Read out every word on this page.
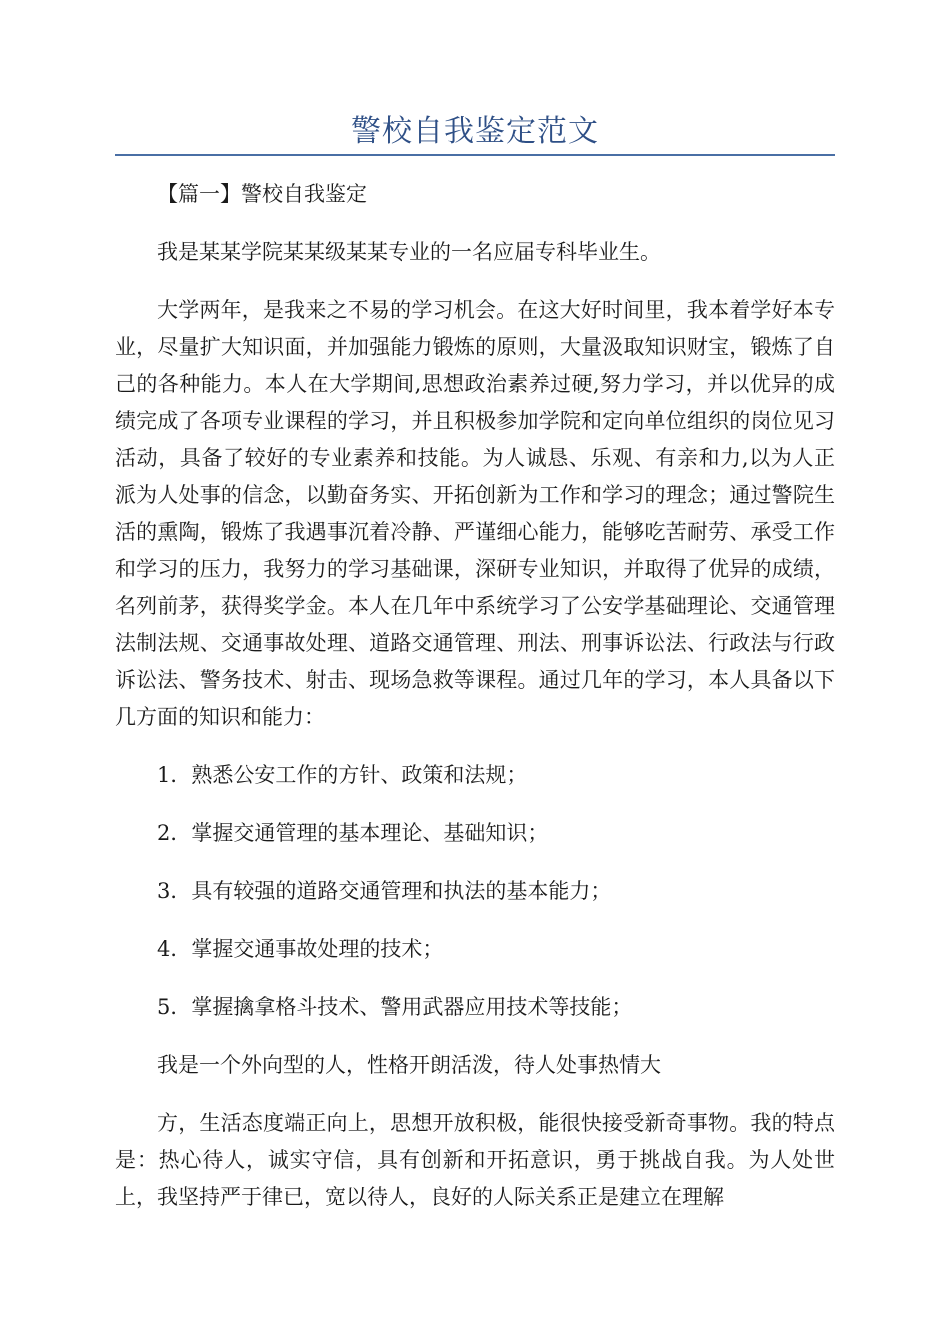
警校自我鉴定范文

【篇一】警校自我鉴定

我是某某学院某某级某某专业的一名应届专科毕业生。

大学两年，是我来之不易的学习机会。在这大好时间里，我本着学好本专业，尽量扩大知识面，并加强能力锻炼的原则，大量汲取知识财宝，锻炼了自己的各种能力。本人在大学期间,思想政治素养过硬,努力学习，并以优异的成绩完成了各项专业课程的学习，并且积极参加学院和定向单位组织的岗位见习活动，具备了较好的专业素养和技能。为人诚恳、乐观、有亲和力,以为人正派为人处事的信念，以勤奋务实、开拓创新为工作和学习的理念；通过警院生活的熏陶，锻炼了我遇事沉着冷静、严谨细心能力，能够吃苦耐劳、承受工作和学习的压力，我努力的学习基础课，深研专业知识，并取得了优异的成绩，名列前茅，获得奖学金。本人在几年中系统学习了公安学基础理论、交通管理法制法规、交通事故处理、道路交通管理、刑法、刑事诉讼法、行政法与行政诉讼法、警务技术、射击、现场急救等课程。通过几年的学习，本人具备以下几方面的知识和能力：

1．熟悉公安工作的方针、政策和法规；

2．掌握交通管理的基本理论、基础知识；

3．具有较强的道路交通管理和执法的基本能力；

4．掌握交通事故处理的技术；

5．掌握擒拿格斗技术、警用武器应用技术等技能；

我是一个外向型的人，性格开朗活泼，待人处事热情大

方，生活态度端正向上，思想开放积极，能很快接受新奇事物。我的特点是：热心待人，诚实守信，具有创新和开拓意识，勇于挑战自我。为人处世上，我坚持严于律已，宽以待人，良好的人际关系正是建立在理解
